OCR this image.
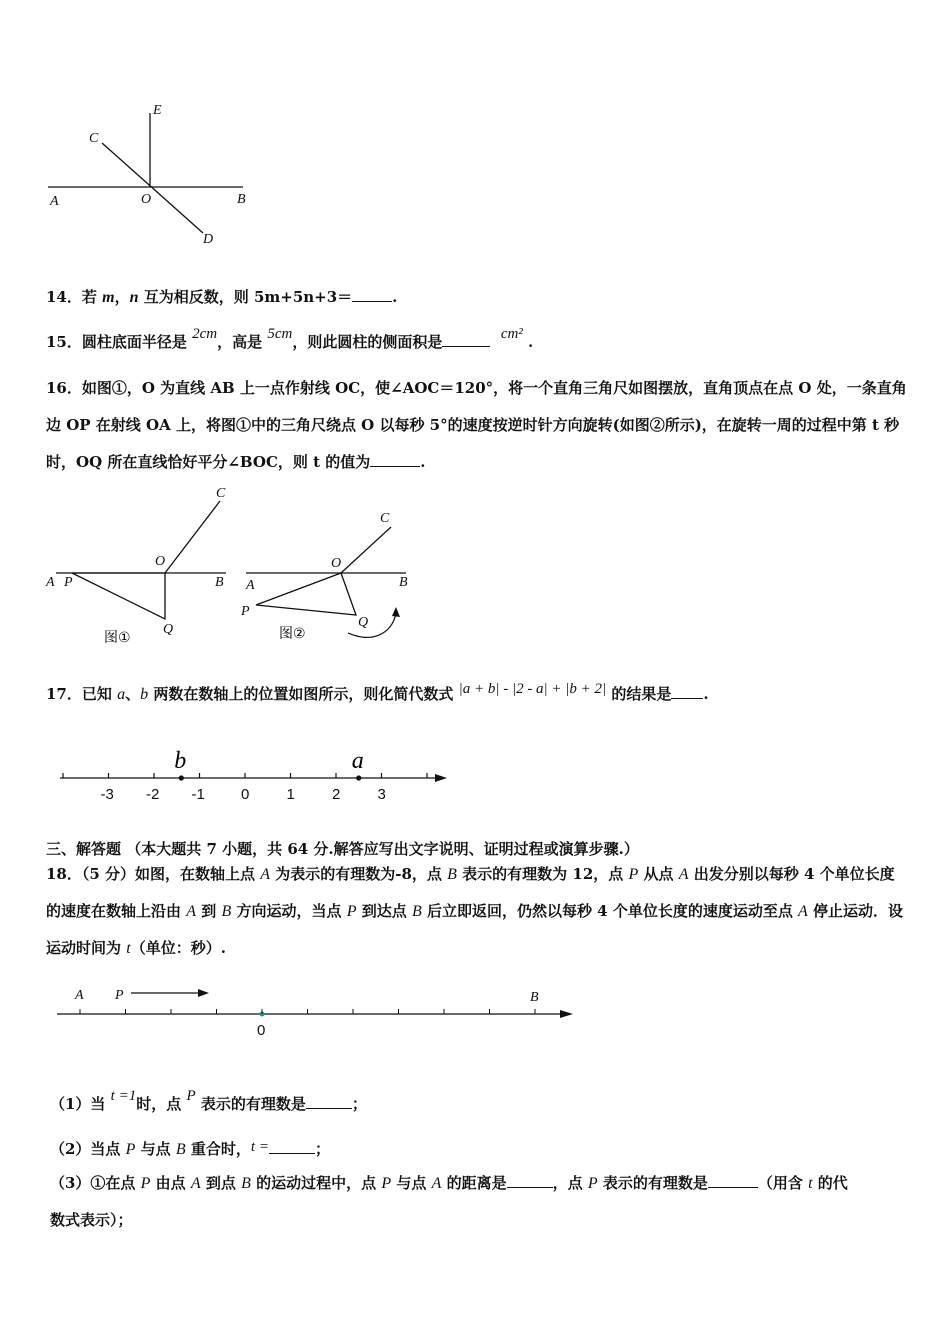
E
C
A	O	B
D
14．若 m，n 互为相反数，则 5m+5n+3＝	.
15．圆柱底面半径是 2cm，高是 5cm，则此圆柱的侧面积是	cm² .
16．如图①，O 为直线 AB 上一点作射线 OC，使∠AOC＝120°，将一个直角三角尺如图摆放，直角顶点在点 O 处，一条直角边 OP 在射线 OA 上，将图①中的三角尺绕点 O 以每秒 5°的速度按逆时针方向旋转(如图②所示)，在旋转一周的过程中第 t 秒时，OQ 所在直线恰好平分∠BOC，则 t 的值为	.
C
O
A P	B
Q
图①
C
O
A	B
P
Q
图②
17．已知 a、b 两数在数轴上的位置如图所示，则化简代数式 |a + b| - |2 - a| + |b + 2| 的结果是 .
-3 -2 -1 0 1 2 3
b	a
三、解答题 （本大题共 7 小题，共 64 分.解答应写出文字说明、证明过程或演算步骤.）
18．（5 分）如图，在数轴上点 A 为表示的有理数为-8，点 B 表示的有理数为 12，点 P 从点 A 出发分别以每秒 4 个单位长度的速度在数轴上沿由 A 到 B 方向运动，当点 P 到达点 B 后立即返回，仍然以每秒 4 个单位长度的速度运动至点 A 停止运动．设运动时间为 t（单位：秒）.
A P	B
0
（1）当 t =1时，点 P 表示的有理数是	；
（2）当点 P 与点 B 重合时，t =	；
（3）①在点 P 由点 A 到点 B 的运动过程中，点 P 与点 A 的距离是	，点 P 表示的有理数是	（用含 t 的代
数式表示）；
